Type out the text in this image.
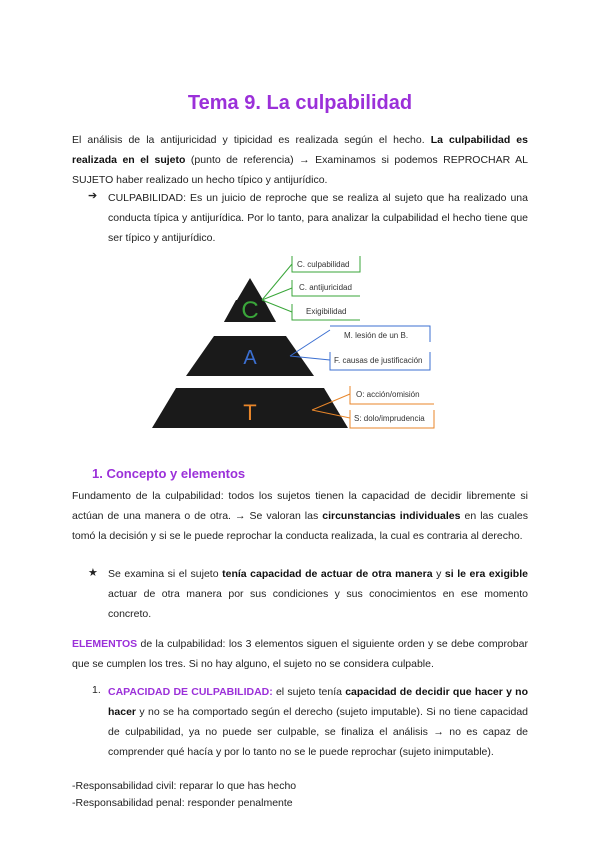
Tema 9. La culpabilidad
El análisis de la antijuricidad y tipicidad es realizada según el hecho. La culpabilidad es realizada en el sujeto (punto de referencia) → Examinamos si podemos REPROCHAR AL SUJETO haber realizado un hecho típico y antijurídico.
➔ CULPABILIDAD: Es un juicio de reproche que se realiza al sujeto que ha realizado una conducta típica y antijurídica. Por lo tanto, para analizar la culpabilidad el hecho tiene que ser típico y antijurídico.
C
A
T
C. culpabilidad
C. antijuricidad
Exigibilidad
M. lesión de un B.
F. causas de justificación
O: acción/omisión
S: dolo/imprudencia
1. Concepto y elementos
Fundamento de la culpabilidad: todos los sujetos tienen la capacidad de decidir libremente si actúan de una manera o de otra. → Se valoran las circunstancias individuales en las cuales tomó la decisión y si se le puede reprochar la conducta realizada, la cual es contraria al derecho.
★ Se examina si el sujeto tenía capacidad de actuar de otra manera y si le era exigible actuar de otra manera por sus condiciones y sus conocimientos en ese momento concreto.
ELEMENTOS de la culpabilidad: los 3 elementos siguen el siguiente orden y se debe comprobar que se cumplen los tres. Si no hay alguno, el sujeto no se considera culpable.
1. CAPACIDAD DE CULPABILIDAD: el sujeto tenía capacidad de decidir que hacer y no hacer y no se ha comportado según el derecho (sujeto imputable). Si no tiene capacidad de culpabilidad, ya no puede ser culpable, se finaliza el análisis → no es capaz de comprender qué hacía y por lo tanto no se le puede reprochar (sujeto inimputable).
-Responsabilidad civil: reparar lo que has hecho
-Responsabilidad penal: responder penalmente
